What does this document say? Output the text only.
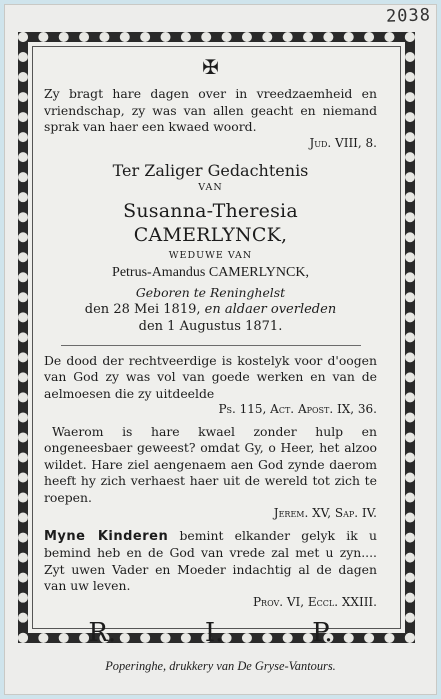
2038
✠
Zy bragt hare dagen over in vreedzaemheid en vriendschap, zy was van allen geacht en niemand sprak van haer een kwaed woord.
Jud. VIII, 8.
Ter Zaliger Gedachtenis
VAN
Susanna-Theresia CAMERLYNCK,
WEDUWE VAN
Petrus-Amandus CAMERLYNCK,
Geboren te Reninghelst
den 28 Mei 1819, en aldaer overleden
den 1 Augustus 1871.
De dood der rechtveerdige is kostelyk voor d'oogen van God zy was vol van goede werken en van de aelmoesen die zy uitdeelde
Ps. 115, Act. Apost. IX, 36.
Waerom is hare kwael zonder hulp en ongeneesbaer geweest? omdat Gy, o Heer, het alzoo wildet. Hare ziel aengenaem aen God zynde daerom heeft hy zich verhaest haer uit de wereld tot zich te roepen.
Jerem. XV, Sap. IV.
Myne Kinderen bemint elkander gelyk ik u bemind heb en de God van vrede zal met u zyn.... Zyt uwen Vader en Moeder indachtig al de dagen van uw leven.
Prov. VI, Eccl. XXIII.
R.	I.	P.
Poperinghe, drukkery van De Gryse-Vantours.
